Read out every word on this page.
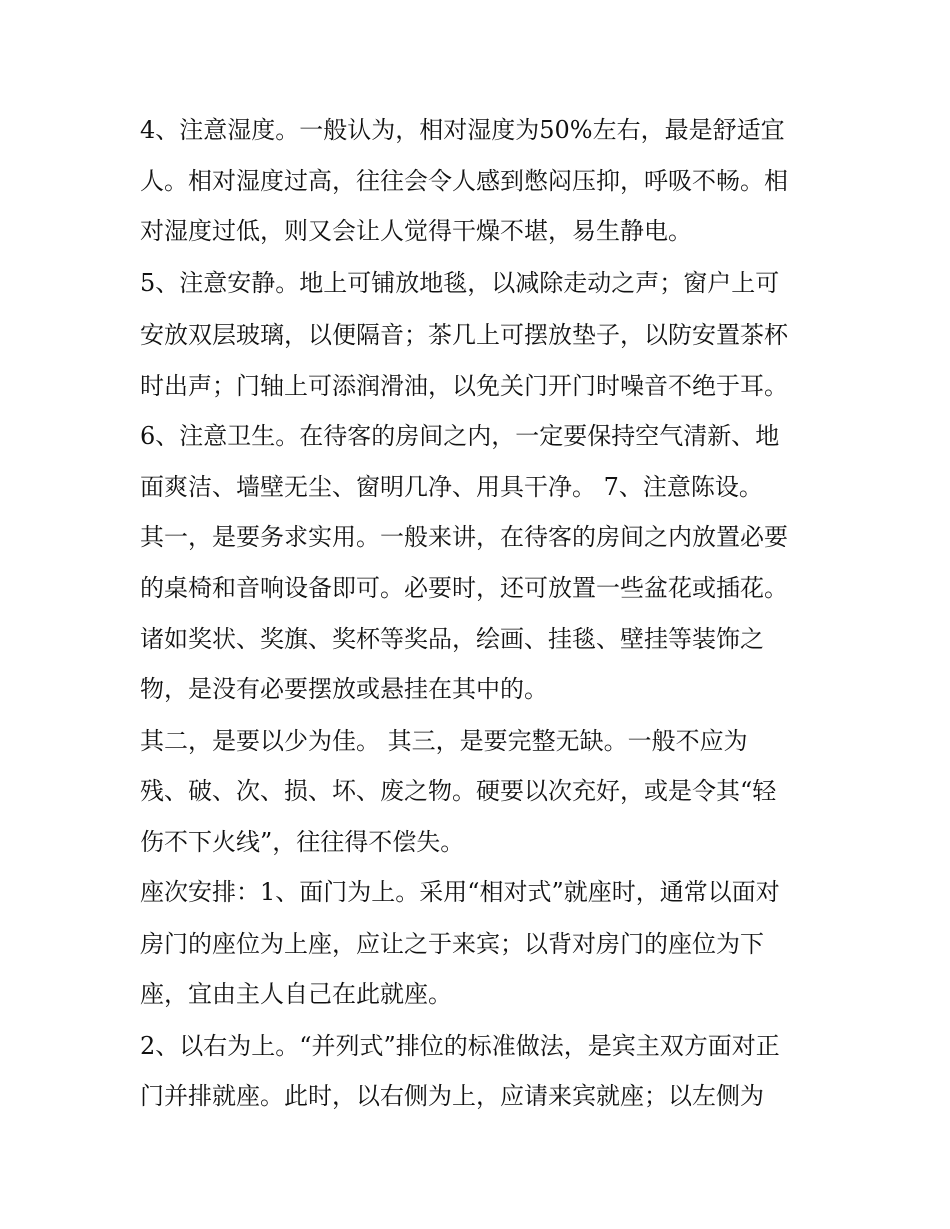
4、注意湿度。一般认为，相对湿度为50%左右，最是舒适宜
人。相对湿度过高，往往会令人感到憋闷压抑，呼吸不畅。相
对湿度过低，则又会让人觉得干燥不堪，易生静电。
5、注意安静。地上可铺放地毯，以减除走动之声；窗户上可
安放双层玻璃，以便隔音；茶几上可摆放垫子，以防安置茶杯
时出声；门轴上可添润滑油，以免关门开门时噪音不绝于耳。
6、注意卫生。在待客的房间之内，一定要保持空气清新、地
面爽洁、墙壁无尘、窗明几净、用具干净。 7、注意陈设。
其一，是要务求实用。一般来讲，在待客的房间之内放置必要
的桌椅和音响设备即可。必要时，还可放置一些盆花或插花。
诸如奖状、奖旗、奖杯等奖品，绘画、挂毯、壁挂等装饰之
物，是没有必要摆放或悬挂在其中的。
其二，是要以少为佳。 其三，是要完整无缺。一般不应为
残、破、次、损、坏、废之物。硬要以次充好，或是令其“轻
伤不下火线”，往往得不偿失。
座次安排：1、面门为上。采用“相对式”就座时，通常以面对
房门的座位为上座，应让之于来宾；以背对房门的座位为下
座，宜由主人自己在此就座。
2、以右为上。“并列式”排位的标准做法，是宾主双方面对正
门并排就座。此时，以右侧为上，应请来宾就座；以左侧为
